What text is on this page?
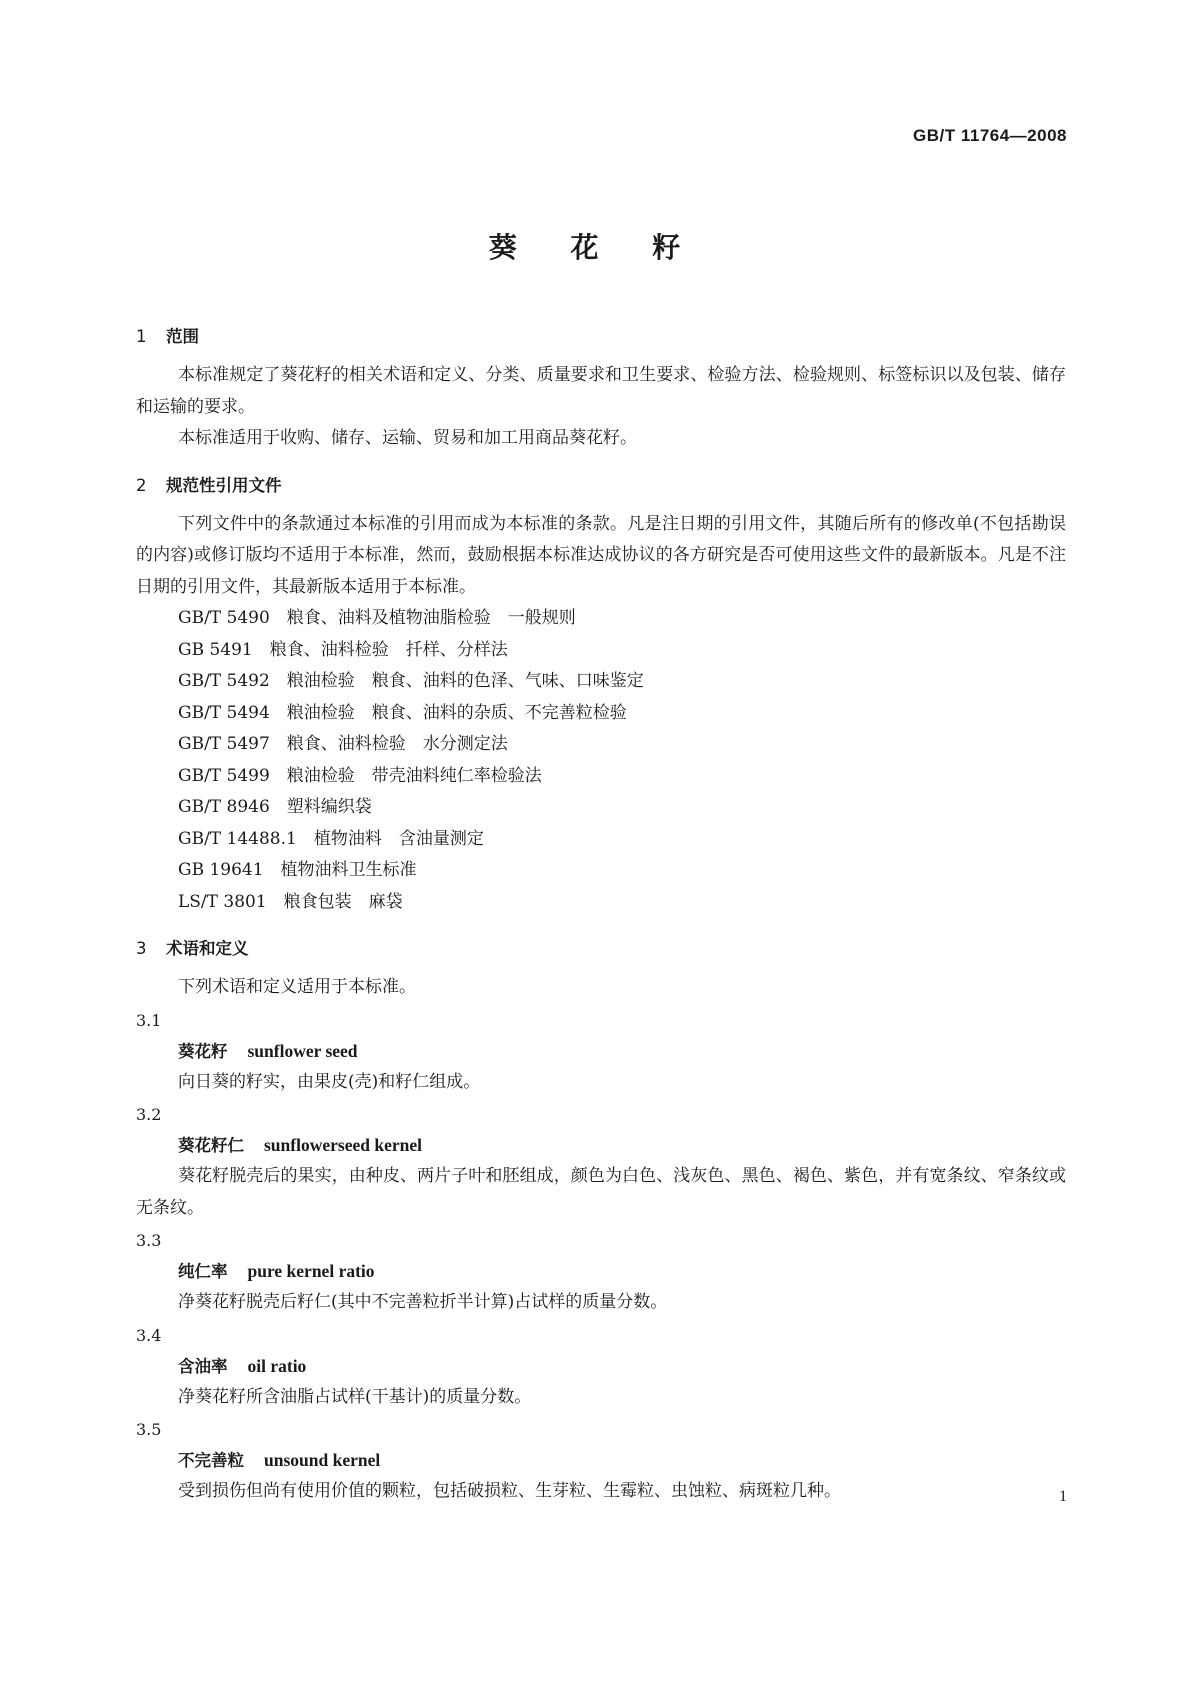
GB/T 11764—2008
葵 花 籽
1 范围

本标准规定了葵花籽的相关术语和定义、分类、质量要求和卫生要求、检验方法、检验规则、标签标识以及包装、储存和运输的要求。

本标准适用于收购、储存、运输、贸易和加工用商品葵花籽。

2 规范性引用文件

下列文件中的条款通过本标准的引用而成为本标准的条款。凡是注日期的引用文件，其随后所有的修改单(不包括勘误的内容)或修订版均不适用于本标准，然而，鼓励根据本标准达成协议的各方研究是否可使用这些文件的最新版本。凡是不注日期的引用文件，其最新版本适用于本标准。

GB/T 5490　粮食、油料及植物油脂检验　一般规则
GB 5491　粮食、油料检验　扦样、分样法
GB/T 5492　粮油检验　粮食、油料的色泽、气味、口味鉴定
GB/T 5494　粮油检验　粮食、油料的杂质、不完善粒检验
GB/T 5497　粮食、油料检验　水分测定法
GB/T 5499　粮油检验　带壳油料纯仁率检验法
GB/T 8946　塑料编织袋
GB/T 14488.1　植物油料　含油量测定
GB 19641　植物油料卫生标准
LS/T 3801　粮食包装　麻袋
3 术语和定义

下列术语和定义适用于本标准。

3.1
葵花籽 sunflower seed
向日葵的籽实，由果皮(壳)和籽仁组成。
3.2
葵花籽仁 sunflowerseed kernel
葵花籽脱壳后的果实，由种皮、两片子叶和胚组成，颜色为白色、浅灰色、黑色、褐色、紫色，并有宽条纹、窄条纹或无条纹。
3.3
纯仁率 pure kernel ratio
净葵花籽脱壳后籽仁(其中不完善粒折半计算)占试样的质量分数。
3.4
含油率 oil ratio
净葵花籽所含油脂占试样(干基计)的质量分数。
3.5
不完善粒 unsound kernel
受到损伤但尚有使用价值的颗粒，包括破损粒、生芽粒、生霉粒、虫蚀粒、病斑粒几种。	1
